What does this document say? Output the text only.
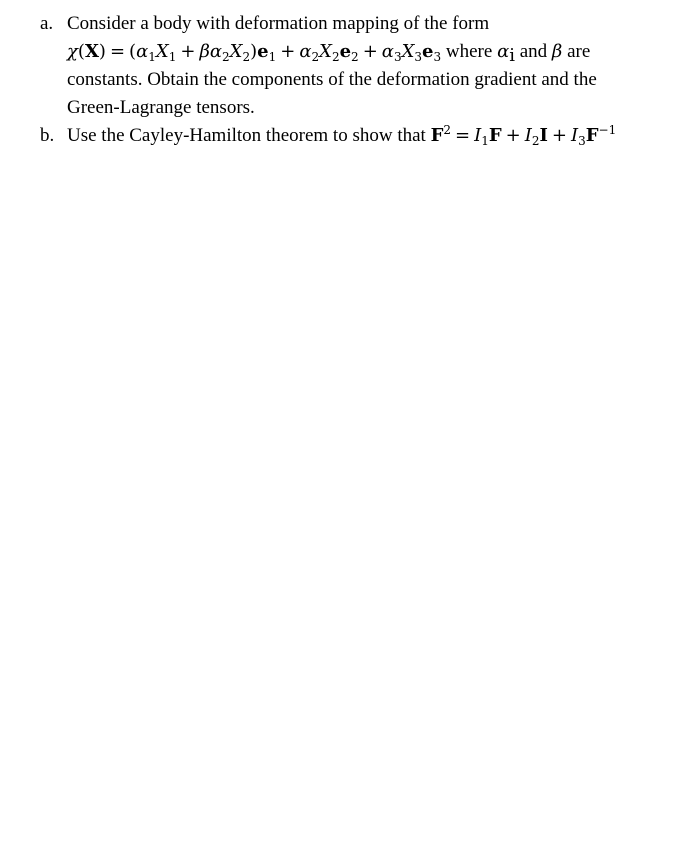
a. Consider a body with deformation mapping of the form
$\chi(X) = (\alpha_1X_1 + \beta\alpha_2X_2)e_1 + \alpha_2X_2e_2 + \alpha_3X_3e_3$ where $\alpha_i$ and β are
constants. Obtain the components of the deformation gradient and the
Green-Lagrange tensors.
b. Use the Cayley-Hamilton theorem to show that $F^2 = I_1F + I_2I + I_3F^{-1}$
